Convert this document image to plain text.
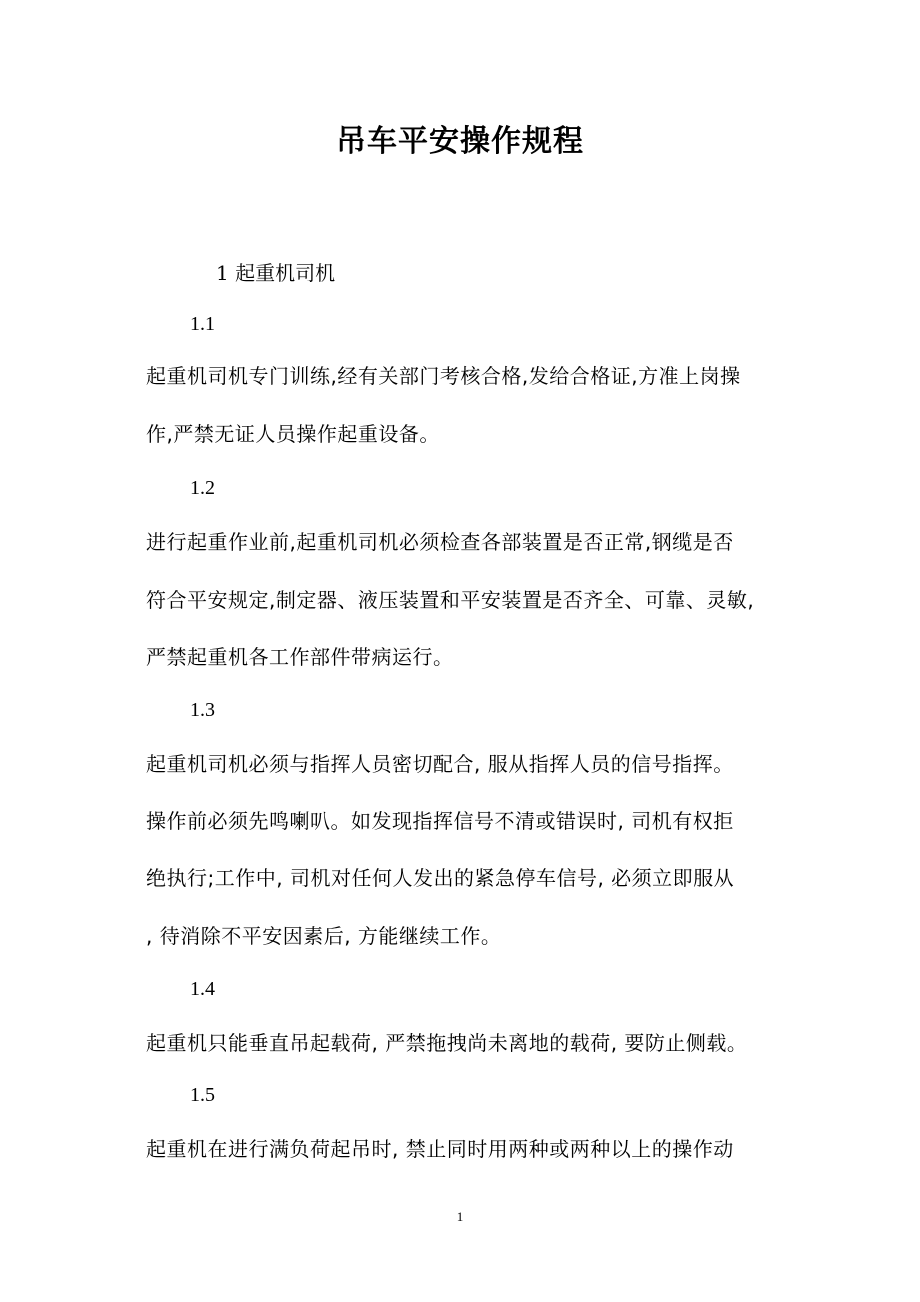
吊车平安操作规程
1 起重机司机
1.1
起重机司机专门训练,经有关部门考核合格,发给合格证,方准上岗操
作,严禁无证人员操作起重设备。
1.2
进行起重作业前,起重机司机必须检查各部装置是否正常,钢缆是否
符合平安规定,制定器、液压装置和平安装置是否齐全、可靠、灵敏,
严禁起重机各工作部件带病运行。
1.3
起重机司机必须与指挥人员密切配合, 服从指挥人员的信号指挥。
操作前必须先鸣喇叭。如发现指挥信号不清或错误时, 司机有权拒
绝执行;工作中, 司机对任何人发出的紧急停车信号, 必须立即服从
, 待消除不平安因素后, 方能继续工作。
1.4
起重机只能垂直吊起载荷, 严禁拖拽尚未离地的载荷, 要防止侧载。
1.5
起重机在进行满负荷起吊时, 禁止同时用两种或两种以上的操作动
1
